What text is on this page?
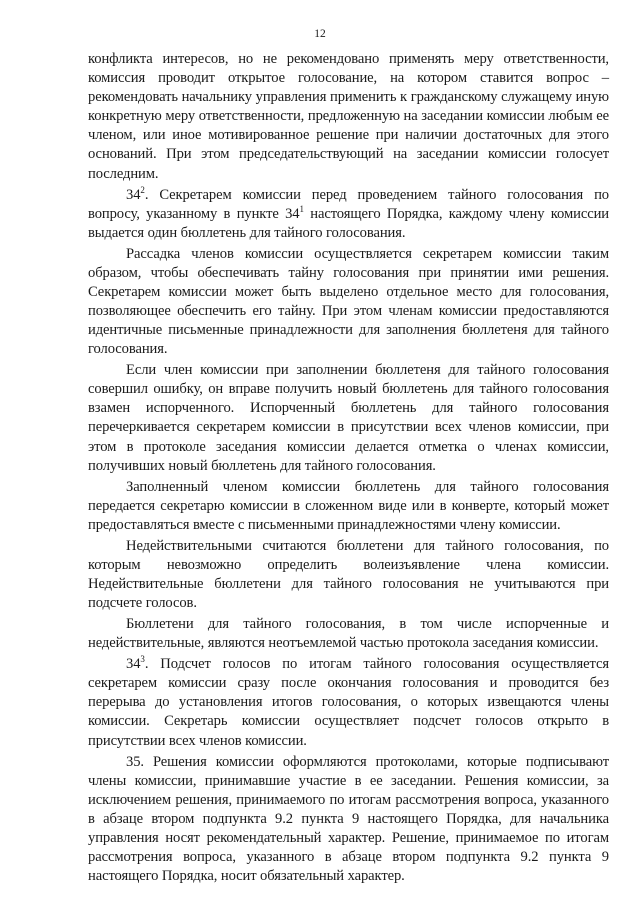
12

конфликта интересов, но не рекомендовано применять меру ответственности, комиссия проводит открытое голосование, на котором ставится вопрос – рекомендовать начальнику управления применить к гражданскому служащему иную конкретную меру ответственности, предложенную на заседании комиссии любым ее членом, или иное мотивированное решение при наличии достаточных для этого оснований. При этом председательствующий на заседании комиссии голосует последним.

$34^2$. Секретарем комиссии перед проведением тайного голосования по вопросу, указанному в пункте $34^1$ настоящего Порядка, каждому члену комиссии выдается один бюллетень для тайного голосования.

Рассадка членов комиссии осуществляется секретарем комиссии таким образом, чтобы обеспечивать тайну голосования при принятии ими решения. Секретарем комиссии может быть выделено отдельное место для голосования, позволяющее обеспечить его тайну. При этом членам комиссии предоставляются идентичные письменные принадлежности для заполнения бюллетеня для тайного голосования.

Если член комиссии при заполнении бюллетеня для тайного голосования совершил ошибку, он вправе получить новый бюллетень для тайного голосования взамен испорченного. Испорченный бюллетень для тайного голосования перечеркивается секретарем комиссии в присутствии всех членов комиссии, при этом в протоколе заседания комиссии делается отметка о членах комиссии, получивших новый бюллетень для тайного голосования.

Заполненный членом комиссии бюллетень для тайного голосования передается секретарю комиссии в сложенном виде или в конверте, который может предоставляться вместе с письменными принадлежностями члену комиссии.

Недействительными считаются бюллетени для тайного голосования, по которым невозможно определить волеизъявление члена комиссии. Недействительные бюллетени для тайного голосования не учитываются при подсчете голосов.

Бюллетени для тайного голосования, в том числе испорченные и недействительные, являются неотъемлемой частью протокола заседания комиссии.

$34^3$. Подсчет голосов по итогам тайного голосования осуществляется секретарем комиссии сразу после окончания голосования и проводится без перерыва до установления итогов голосования, о которых извещаются члены комиссии. Секретарь комиссии осуществляет подсчет голосов открыто в присутствии всех членов комиссии.

35. Решения комиссии оформляются протоколами, которые подписывают члены комиссии, принимавшие участие в ее заседании. Решения комиссии, за исключением решения, принимаемого по итогам рассмотрения вопроса, указанного в абзаце втором подпункта 9.2 пункта 9 настоящего Порядка, для начальника управления носят рекомендательный характер. Решение, принимаемое по итогам рассмотрения вопроса, указанного в абзаце втором подпункта 9.2 пункта 9 настоящего Порядка, носит обязательный характер.
